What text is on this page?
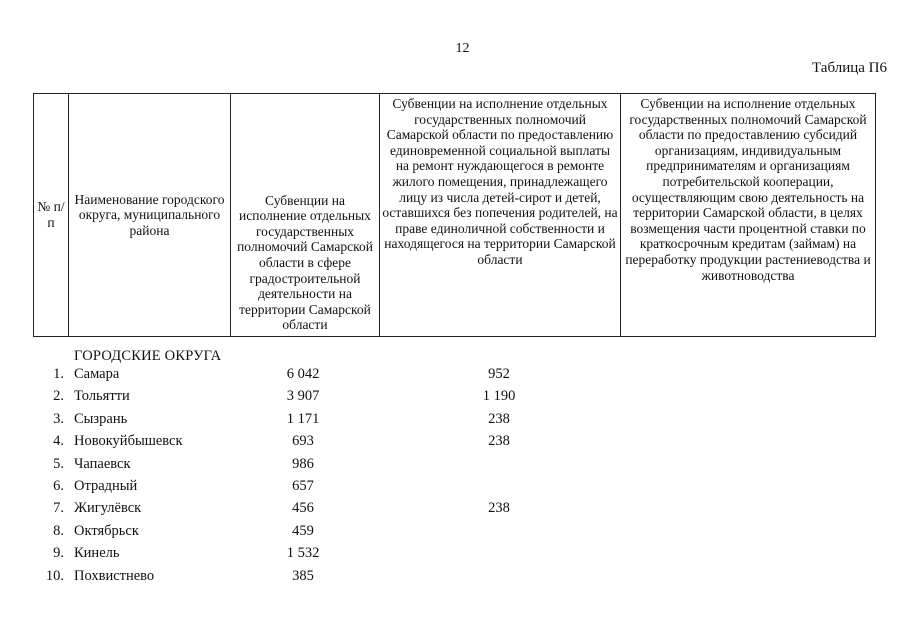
12
Таблица П6
№ п/п	Наименование городского округа, муниципального района	Субвенции на исполнение отдельных государственных полномочий Самарской области в сфере градостроительной деятельности на территории Самарской области	Субвенции на исполнение отдельных государственных полномочий Самарской области по предоставлению единовременной социальной выплаты на ремонт нуждающегося в ремонте жилого помещения, принадлежащего лицу из числа детей-сирот и детей, оставшихся без попечения родителей, на праве единоличной собственности и находящегося на территории Самарской области	Субвенции на исполнение отдельных государственных полномочий Самарской области по предоставлению субсидий организациям, индивидуальным предпринимателям и организациям потребительской кооперации, осуществляющим свою деятельность на территории Самарской области, в целях возмещения части процентной ставки по краткосрочным кредитам (займам) на переработку продукции растениеводства и животноводства
ГОРОДСКИЕ ОКРУГА
1. Самара	6 042	952
2. Тольятти	3 907	1 190
3. Сызрань	1 171	238
4. Новокуйбышевск	693	238
5. Чапаевск	986
6. Отрадный	657
7. Жигулёвск	456	238
8. Октябрьск	459
9. Кинель	1 532
10. Похвистнево	385
